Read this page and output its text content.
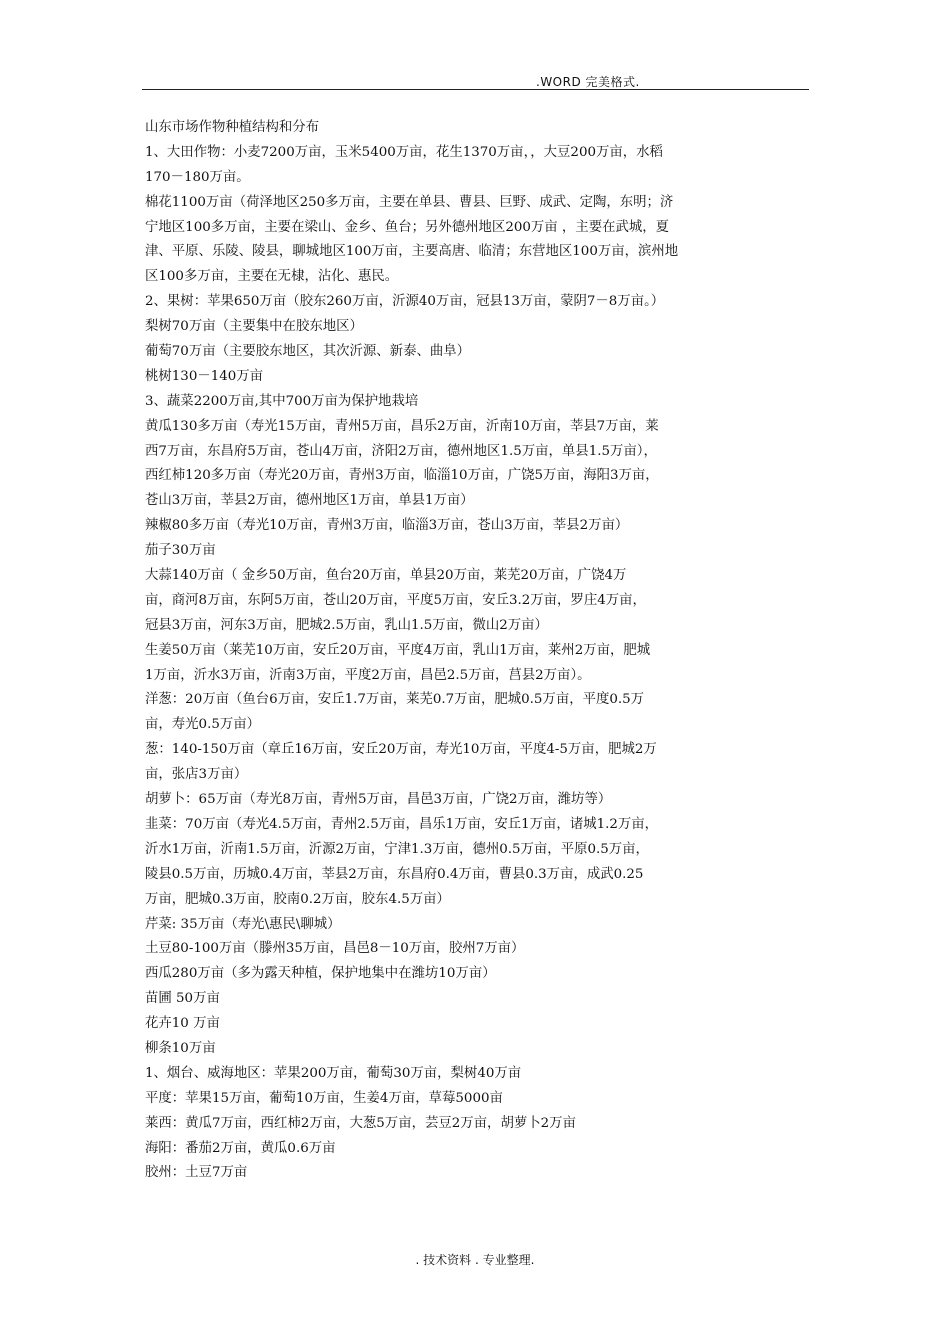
.WORD 完美格式.
山东市场作物种植结构和分布
1、大田作物：小麦7200万亩，玉米5400万亩，花生1370万亩，，大豆200万亩，水稻
170－180万亩。
棉花1100万亩（荷泽地区250多万亩，主要在单县、曹县、巨野、成武、定陶，东明；济
宁地区100多万亩，主要在梁山、金乡、鱼台；另外德州地区200万亩 ，主要在武城，夏
津、平原、乐陵、陵县，聊城地区100万亩，主要高唐、临清；东营地区100万亩，滨州地
区100多万亩，主要在无棣，沾化、惠民。
2、果树：苹果650万亩（胶东260万亩，沂源40万亩，冠县13万亩，蒙阴7－8万亩。）
梨树70万亩（主要集中在胶东地区）
葡萄70万亩（主要胶东地区，其次沂源、新泰、曲阜）
桃树130－140万亩
3、蔬菜2200万亩,其中700万亩为保护地栽培
黄瓜130多万亩（寿光15万亩，青州5万亩，昌乐2万亩，沂南10万亩，莘县7万亩，莱
西7万亩，东昌府5万亩，苍山4万亩，济阳2万亩，德州地区1.5万亩，单县1.5万亩），
西红柿120多万亩（寿光20万亩，青州3万亩，临淄10万亩，广饶5万亩，海阳3万亩，
苍山3万亩，莘县2万亩，德州地区1万亩，单县1万亩）
辣椒80多万亩（寿光10万亩，青州3万亩，临淄3万亩，苍山3万亩，莘县2万亩）
茄子30万亩
大蒜140万亩（ 金乡50万亩，鱼台20万亩，单县20万亩，莱芜20万亩，广饶4万
亩，商河8万亩，东阿5万亩，苍山20万亩，平度5万亩，安丘3.2万亩，罗庄4万亩，
冠县3万亩，河东3万亩，肥城2.5万亩，乳山1.5万亩，微山2万亩）
生姜50万亩（莱芜10万亩，安丘20万亩，平度4万亩，乳山1万亩，莱州2万亩，肥城
1万亩，沂水3万亩，沂南3万亩，平度2万亩，昌邑2.5万亩，莒县2万亩）。
洋葱：20万亩（鱼台6万亩，安丘1.7万亩，莱芜0.7万亩，肥城0.5万亩，平度0.5万
亩，寿光0.5万亩）
葱：140-150万亩（章丘16万亩，安丘20万亩，寿光10万亩，平度4-5万亩，肥城2万
亩，张店3万亩）
胡萝卜：65万亩（寿光8万亩，青州5万亩，昌邑3万亩，广饶2万亩，潍坊等）
韭菜：70万亩（寿光4.5万亩，青州2.5万亩，昌乐1万亩，安丘1万亩，诸城1.2万亩，
沂水1万亩，沂南1.5万亩，沂源2万亩，宁津1.3万亩，德州0.5万亩，平原0.5万亩，
陵县0.5万亩，历城0.4万亩，莘县2万亩，东昌府0.4万亩，曹县0.3万亩，成武0.25
万亩，肥城0.3万亩，胶南0.2万亩，胶东4.5万亩）
芹菜: 35万亩（寿光\惠民\聊城）
土豆80-100万亩（滕州35万亩，昌邑8－10万亩，胶州7万亩）
西瓜280万亩（多为露天种植，保护地集中在潍坊10万亩）
苗圃 50万亩
花卉10 万亩
柳条10万亩
1、烟台、威海地区：苹果200万亩，葡萄30万亩，梨树40万亩
平度：苹果15万亩，葡萄10万亩，生姜4万亩，草莓5000亩
莱西：黄瓜7万亩，西红柿2万亩，大葱5万亩，芸豆2万亩，胡萝卜2万亩
海阳：番茄2万亩，黄瓜0.6万亩
胶州：土豆7万亩
. 技术资料 . 专业整理.
